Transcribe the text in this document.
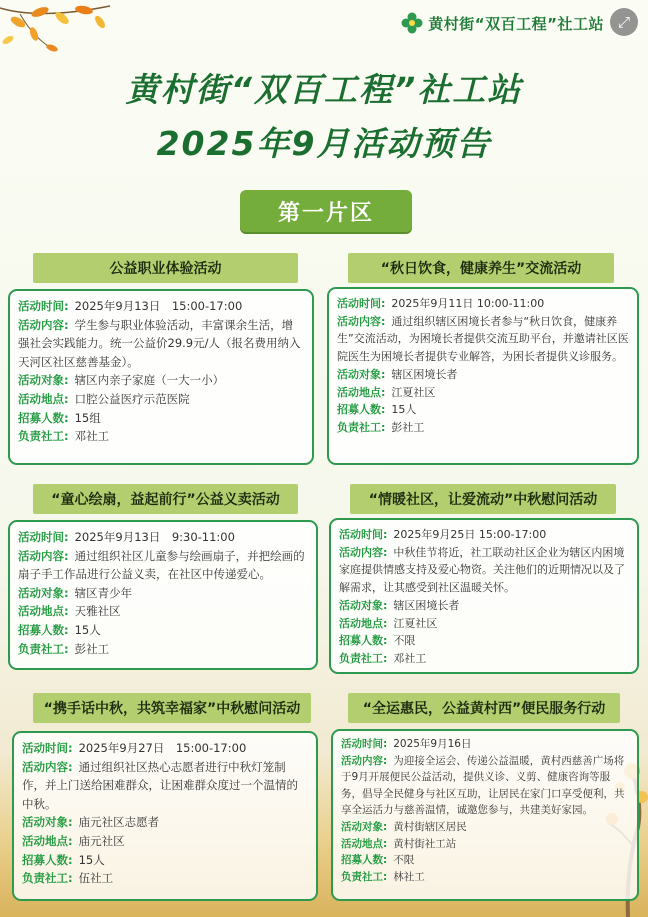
黄村街“双百工程”社工站 ⤢
黄村街“双百工程”社工站
2025年9月活动预告
第一片区
公益职业体验活动
活动时间: 2025年9月13日　15:00-17:00
活动内容: 学生参与职业体验活动，丰富课余生活，增强社会实践能力。统一公益价29.9元/人（报名费用纳入天河区社区慈善基金）。
活动对象: 辖区内亲子家庭（一大一小）
活动地点: 口腔公益医疗示范医院
招募人数: 15组
负责社工: 邓社工
“秋日饮食，健康养生”交流活动
活动时间: 2025年9月11日 10:00-11:00
活动内容: 通过组织辖区困境长者参与“秋日饮食，健康养生”交流活动，为困境长者提供交流互助平台，并邀请社区医院医生为困境长者提供专业解答，为困长者提供义诊服务。
活动对象: 辖区困境长者
活动地点: 江夏社区
招募人数: 15人
负责社工: 彭社工
“童心绘扇，益起前行”公益义卖活动
活动时间: 2025年9月13日　9:30-11:00
活动内容: 通过组织社区儿童参与绘画扇子，并把绘画的扇子手工作品进行公益义卖，在社区中传递爱心。
活动对象: 辖区青少年
活动地点: 天雅社区
招募人数: 15人
负责社工: 彭社工
“情暖社区，让爱流动”中秋慰问活动
活动时间: 2025年9月25日 15:00-17:00
活动内容: 中秋佳节将近，社工联动社区企业为辖区内困境家庭提供情感支持及爱心物资。关注他们的近期情况以及了解需求，让其感受到社区温暖关怀。
活动对象: 辖区困境长者
活动地点: 江夏社区
招募人数: 不限
负责社工: 邓社工
“携手话中秋，共筑幸福家”中秋慰问活动
活动时间: 2025年9月27日　15:00-17:00
活动内容: 通过组织社区热心志愿者进行中秋灯笼制作，并上门送给困难群众，让困难群众度过一个温情的中秋。
活动对象: 庙元社区志愿者
活动地点: 庙元社区
招募人数: 15人
负责社工: 伍社工
“全运惠民，公益黄村西”便民服务行动
活动时间: 2025年9月16日
活动内容: 为迎接全运会、传递公益温暖，黄村西慈善广场将于9月开展便民公益活动，提供义诊、义剪、健康咨询等服务，倡导全民健身与社区互助，让居民在家门口享受便利，共享全运活力与慈善温情，诚邀您参与，共建美好家园。
活动对象: 黄村街辖区居民
活动地点: 黄村街社工站
招募人数: 不限
负责社工: 林社工
